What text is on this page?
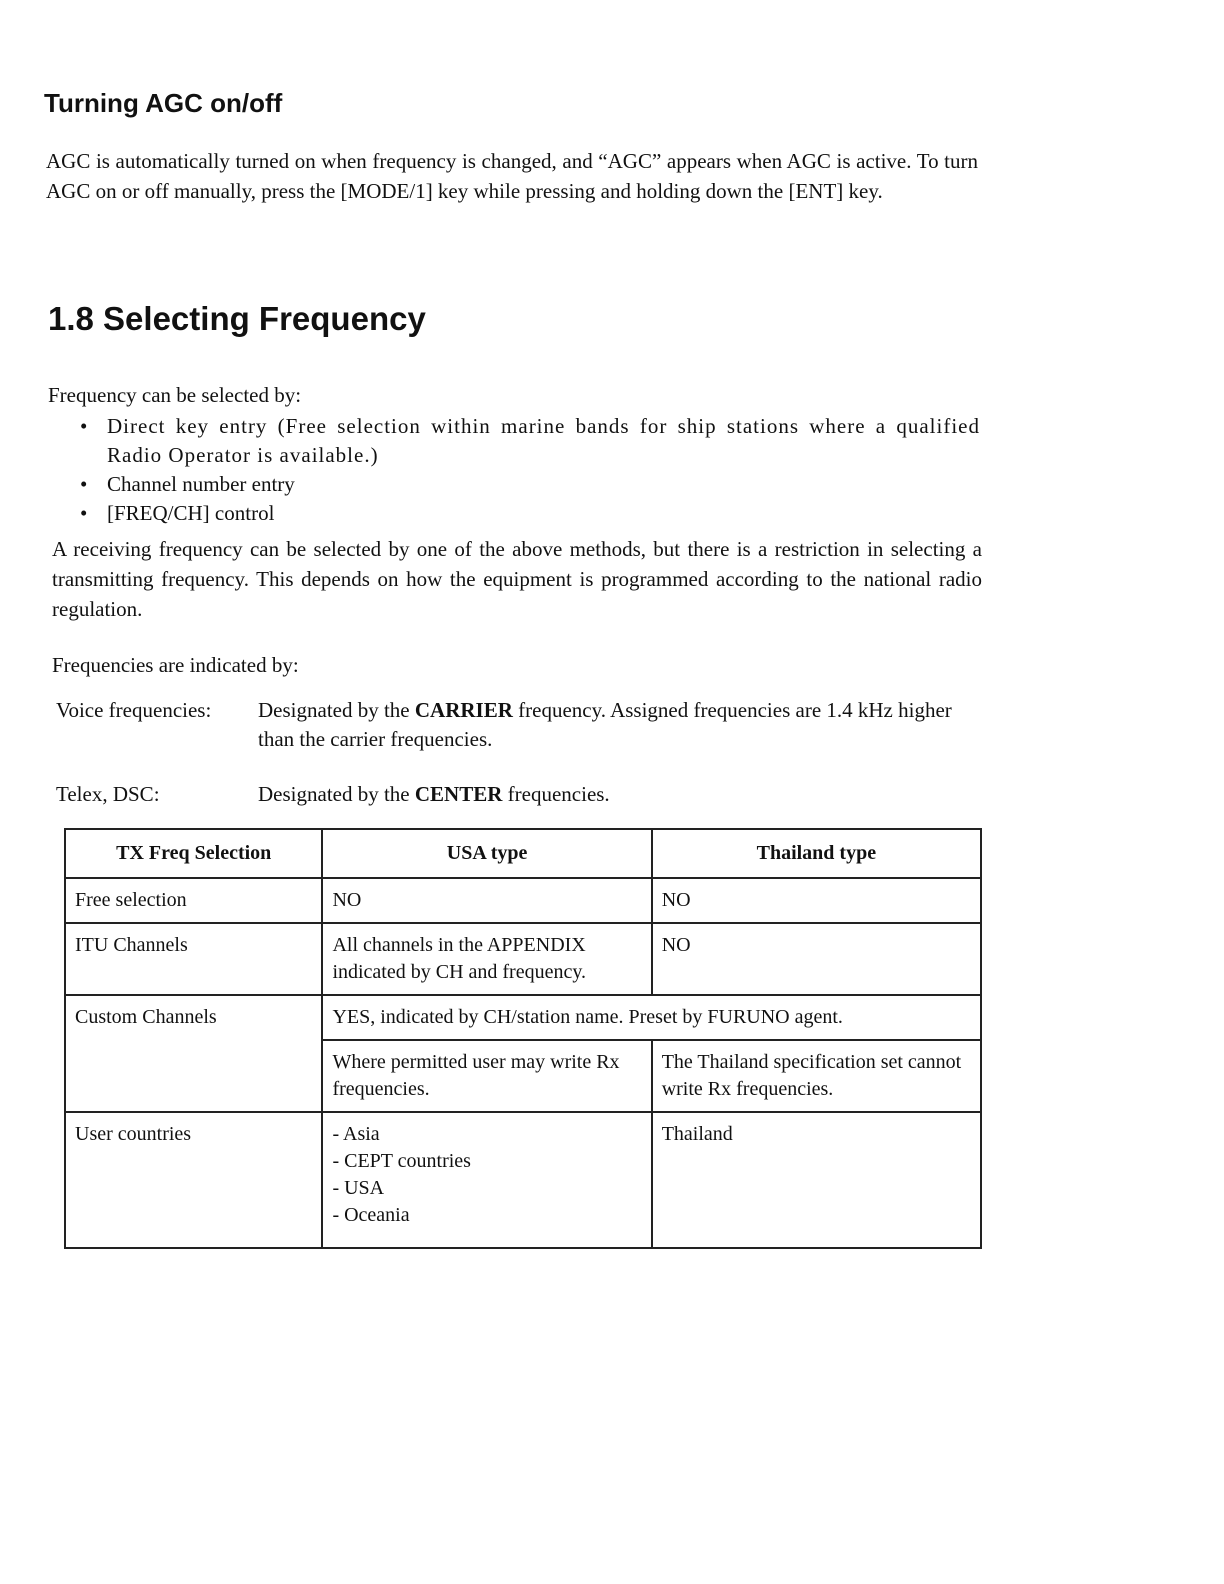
Turning AGC on/off

AGC is automatically turned on when frequency is changed, and “AGC” appears when AGC is active. To turn AGC on or off manually, press the [MODE/1] key while pressing and holding down the [ENT] key.

1.8 Selecting Frequency

Frequency can be selected by:

• Direct key entry (Free selection within marine bands for ship stations where a qualified Radio Operator is available.)
• Channel number entry
• [FREQ/CH] control

A receiving frequency can be selected by one of the above methods, but there is a restriction in selecting a transmitting frequency. This depends on how the equipment is programmed according to the national radio regulation.

Frequencies are indicated by:

Voice frequencies:	Designated by the CARRIER frequency. Assigned frequencies are 1.4 kHz higher than the carrier frequencies.
Telex, DSC:	Designated by the CENTER frequencies.
TX Freq Selection	USA type	Thailand type
Free selection	NO	NO
ITU Channels	All channels in the APPENDIX indicated by CH and frequency.	NO
Custom Channels	YES, indicated by CH/station name. Preset by FURUNO agent.	
	Where permitted user may write Rx frequencies.	The Thailand specification set cannot write Rx frequencies.
User countries	- Asia
- CEPT countries
- USA
- Oceania	Thailand
